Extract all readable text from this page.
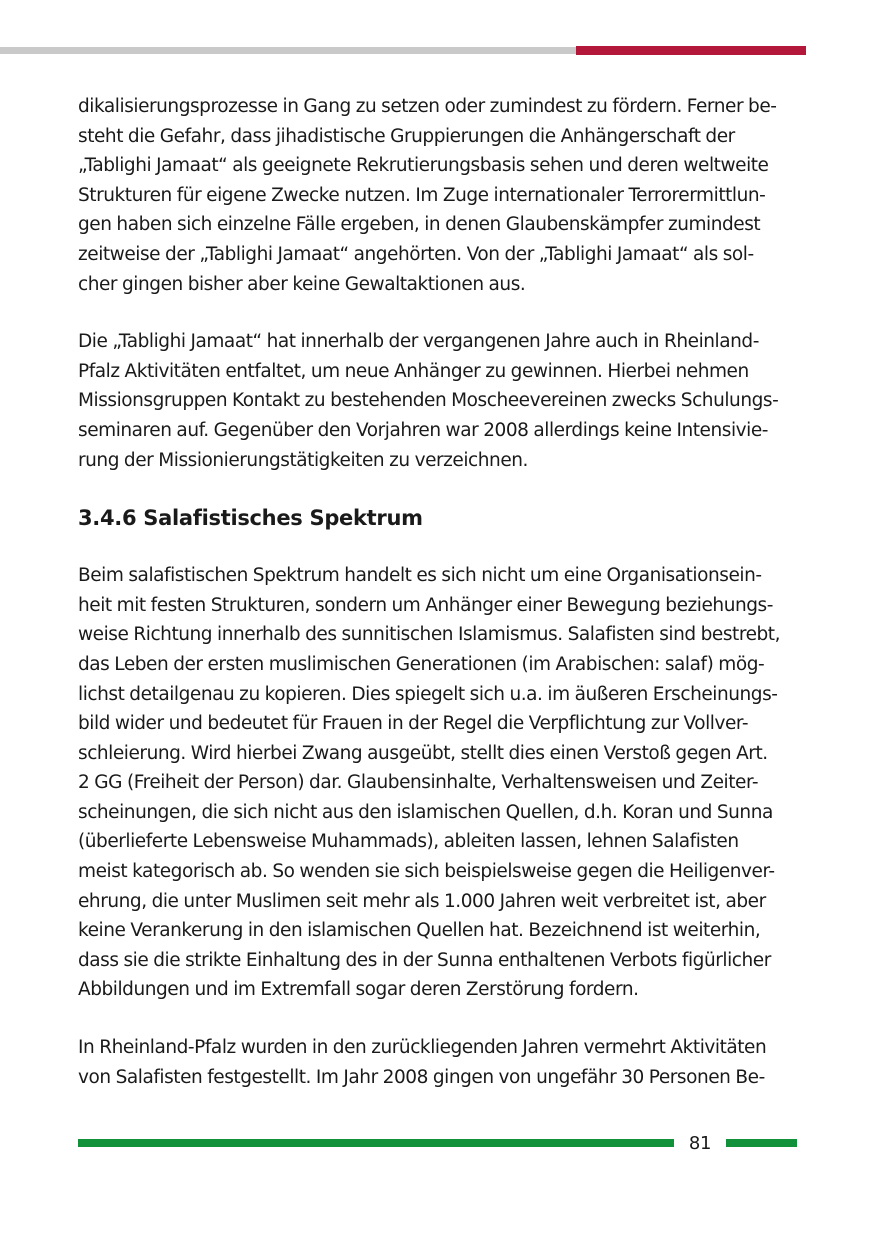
dikalisierungsprozesse in Gang zu setzen oder zumindest zu fördern. Ferner be-
steht die Gefahr, dass jihadistische Gruppierungen die Anhängerschaft der
„Tablighi Jamaat“ als geeignete Rekrutierungsbasis sehen und deren weltweite
Strukturen für eigene Zwecke nutzen. Im Zuge internationaler Terrorermittlun-
gen haben sich einzelne Fälle ergeben, in denen Glaubenskämpfer zumindest
zeitweise der „Tablighi Jamaat“ angehörten. Von der „Tablighi Jamaat“ als sol-
cher gingen bisher aber keine Gewaltaktionen aus.
Die „Tablighi Jamaat“ hat innerhalb der vergangenen Jahre auch in Rheinland-
Pfalz Aktivitäten entfaltet, um neue Anhänger zu gewinnen. Hierbei nehmen
Missionsgruppen Kontakt zu bestehenden Moscheevereinen zwecks Schulungs-
seminaren auf. Gegenüber den Vorjahren war 2008 allerdings keine Intensivie-
rung der Missionierungstätigkeiten zu verzeichnen.
3.4.6 Salafistisches Spektrum
Beim salafistischen Spektrum handelt es sich nicht um eine Organisationsein-
heit mit festen Strukturen, sondern um Anhänger einer Bewegung beziehungs-
weise Richtung innerhalb des sunnitischen Islamismus. Salafisten sind bestrebt,
das Leben der ersten muslimischen Generationen (im Arabischen: salaf) mög-
lichst detailgenau zu kopieren. Dies spiegelt sich u.a. im äußeren Erscheinungs-
bild wider und bedeutet für Frauen in der Regel die Verpflichtung zur Vollver-
schleierung. Wird hierbei Zwang ausgeübt, stellt dies einen Verstoß gegen Art.
2 GG (Freiheit der Person) dar. Glaubensinhalte, Verhaltensweisen und Zeiter-
scheinungen, die sich nicht aus den islamischen Quellen, d.h. Koran und Sunna
(überlieferte Lebensweise Muhammads), ableiten lassen, lehnen Salafisten
meist kategorisch ab. So wenden sie sich beispielsweise gegen die Heiligenver-
ehrung, die unter Muslimen seit mehr als 1.000 Jahren weit verbreitet ist, aber
keine Verankerung in den islamischen Quellen hat. Bezeichnend ist weiterhin,
dass sie die strikte Einhaltung des in der Sunna enthaltenen Verbots figürlicher
Abbildungen und im Extremfall sogar deren Zerstörung fordern.
In Rheinland-Pfalz wurden in den zurückliegenden Jahren vermehrt Aktivitäten
von Salafisten festgestellt. Im Jahr 2008 gingen von ungefähr 30 Personen Be-
81
